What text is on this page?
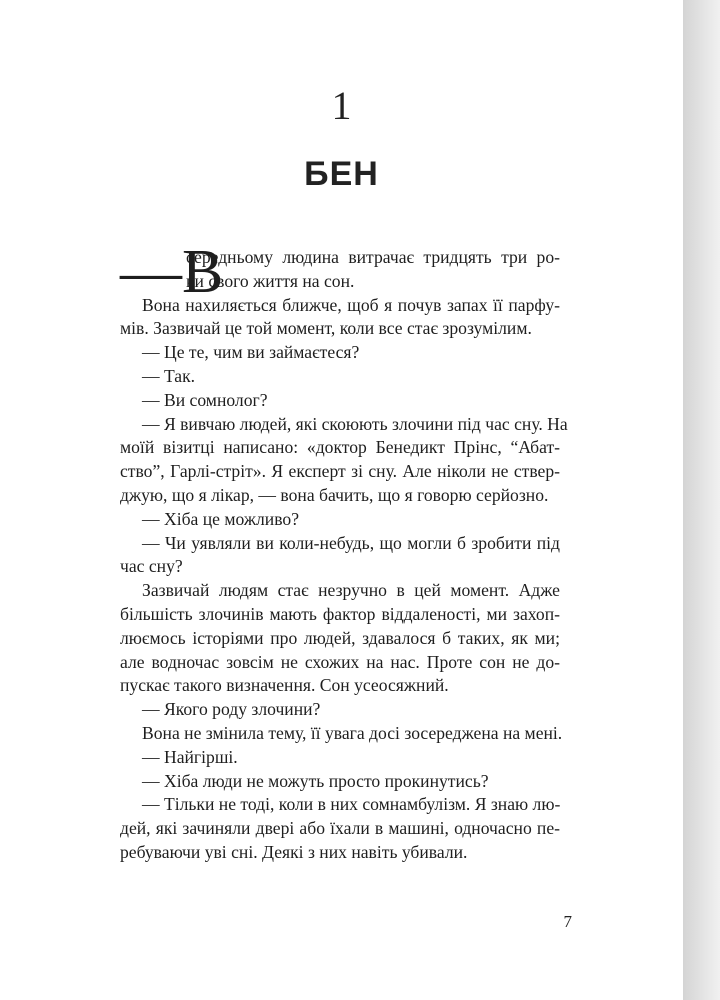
1
БЕН
—В
середньому людина витрачає тридцять три ро-
ки свого життя на сон.
Вона нахиляється ближче, щоб я почув запах її парфу-
мів. Зазвичай це той момент, коли все стає зрозумілим.
— Це те, чим ви займаєтеся?
— Так.
— Ви сомнолог?
— Я вивчаю людей, які скоюють злочини під час сну. На
моїй візитці написано: «доктор Бенедикт Прінс, “Абат-
ство”, Гарлі-стріт». Я експерт зі сну. Але ніколи не ствер-
джую, що я лікар, — вона бачить, що я говорю серйозно.
— Хіба це можливо?
— Чи уявляли ви коли-небудь, що могли б зробити під
час сну?
Зазвичай людям стає незручно в цей момент. Адже
більшість злочинів мають фактор віддаленості, ми захоп-
люємось історіями про людей, здавалося б таких, як ми;
але водночас зовсім не схожих на нас. Проте сон не до-
пускає такого визначення. Сон усеосяжний.
— Якого роду злочини?
Вона не змінила тему, її увага досі зосереджена на мені.
— Найгірші.
— Хіба люди не можуть просто прокинутись?
— Тільки не тоді, коли в них сомнамбулізм. Я знаю лю-
дей, які зачиняли двері або їхали в машині, одночасно пе-
ребуваючи уві сні. Деякі з них навіть убивали.
7
